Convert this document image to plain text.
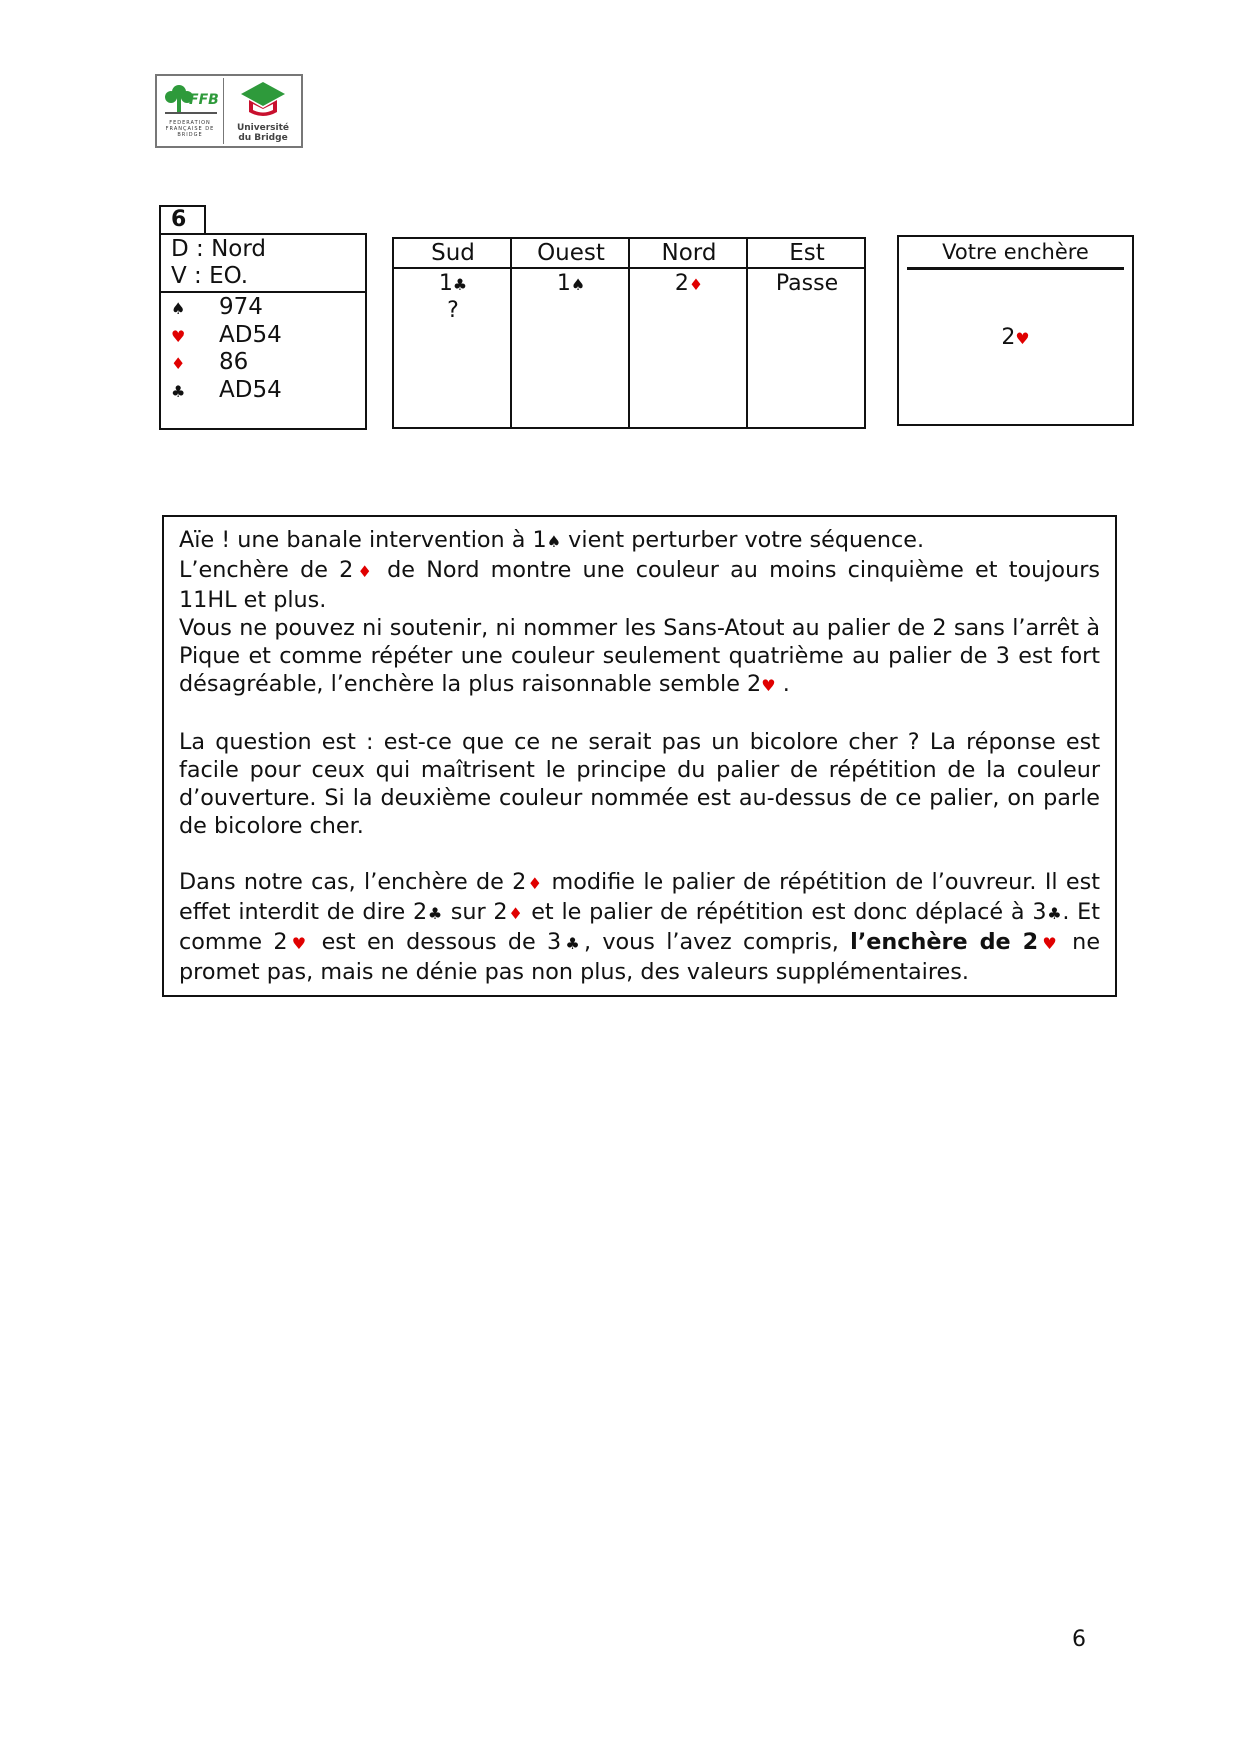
FFB
FEDERATION FRANÇAISE DE BRIDGE
Université
du Bridge
6
D : Nord
V : EO.
♠ 974
♥ AD54
♦ 86
♣ AD54
Sud
1♣
?
Ouest
1♠
Nord
2♦
Est
Passe
Votre enchère
2♥

Aïe ! une banale intervention à 1♠ vient perturber votre séquence.

L’enchère de 2♦ de Nord montre une couleur au moins cinquième et toujours 11HL et plus.

Vous ne pouvez ni soutenir, ni nommer les Sans-Atout au palier de 2 sans l’arrêt à Pique et comme répéter une couleur seulement quatrième au palier de 3 est fort désagréable, l’enchère la plus raisonnable semble 2♥ .

La question est : est-ce que ce ne serait pas un bicolore cher ? La réponse est facile pour ceux qui maîtrisent le principe du palier de répétition de la couleur d’ouverture. Si la deuxième couleur nommée est au-dessus de ce palier, on parle de bicolore cher.

Dans notre cas, l’enchère de 2♦ modifie le palier de répétition de l’ouvreur. Il est effet interdit de dire 2♣ sur 2♦ et le palier de répétition est donc déplacé à 3♣. Et comme 2♥ est en dessous de 3♣, vous l’avez compris, l’enchère de 2♥ ne promet pas, mais ne dénie pas non plus, des valeurs supplémentaires.

6
